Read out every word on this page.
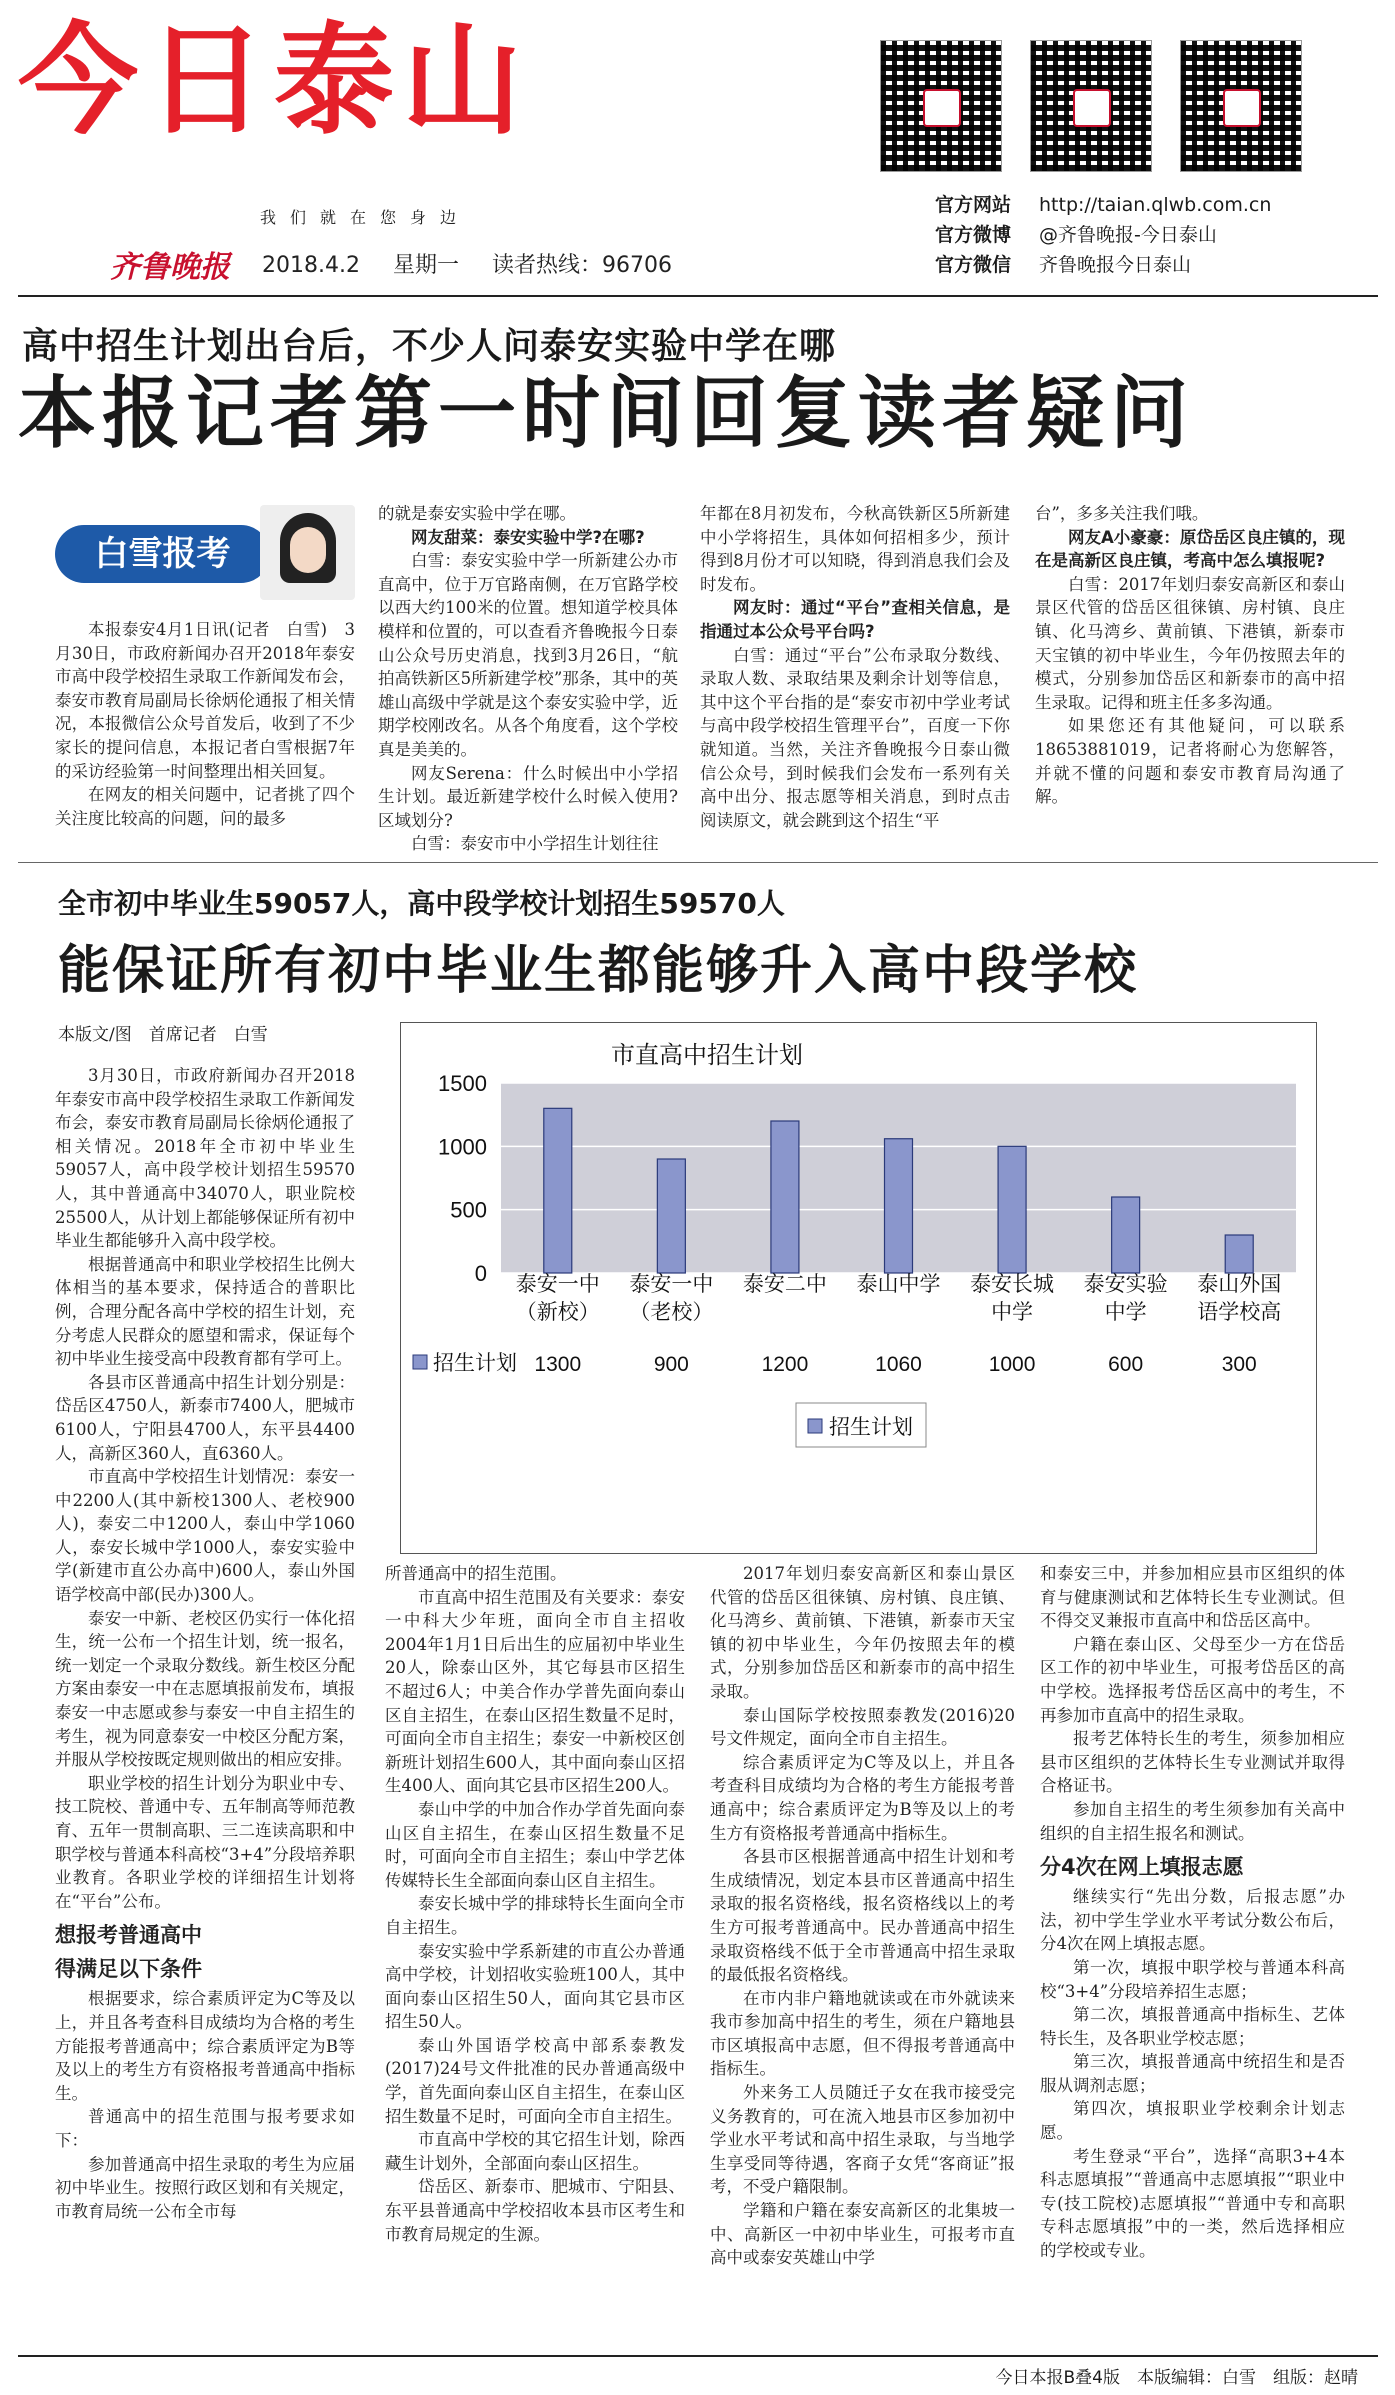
今日泰山
我们就在您身边
齐鲁晚报 2018.4.2 星期一 读者热线：96706
官方网站 http://taian.qlwb.com.cn
官方微博 @齐鲁晚报-今日泰山
官方微信 齐鲁晚报今日泰山
高中招生计划出台后，不少人问泰安实验中学在哪
本报记者第一时间回复读者疑问
白雪报考

本报泰安4月1日讯(记者　白雪)　3月30日，市政府新闻办召开2018年泰安市高中段学校招生录取工作新闻发布会，泰安市教育局副局长徐炳伦通报了相关情况，本报微信公众号首发后，收到了不少家长的提问信息，本报记者白雪根据7年的采访经验第一时间整理出相关回复。

在网友的相关问题中，记者挑了四个关注度比较高的问题，问的最多

的就是泰安实验中学在哪。

网友甜菜：泰安实验中学?在哪?

白雪：泰安实验中学一所新建公办市直高中，位于万官路南侧，在万官路学校以西大约100米的位置。想知道学校具体模样和位置的，可以查看齐鲁晚报今日泰山公众号历史消息，找到3月26日，“航拍高铁新区5所新建学校”那条，其中的英雄山高级中学就是这个泰安实验中学，近期学校刚改名。从各个角度看，这个学校真是美美的。

网友Serena：什么时候出中小学招生计划。最近新建学校什么时候入使用?区域划分?

白雪：泰安市中小学招生计划往往

年都在8月初发布，今秋高铁新区5所新建中小学将招生，具体如何招相多少，预计得到8月份才可以知晓，得到消息我们会及时发布。

网友时：通过“平台”查相关信息，是指通过本公众号平台吗?

白雪：通过“平台”公布录取分数线、录取人数、录取结果及剩余计划等信息，其中这个平台指的是“泰安市初中学业考试与高中段学校招生管理平台”，百度一下你就知道。当然，关注齐鲁晚报今日泰山微信公众号，到时候我们会发布一系列有关高中出分、报志愿等相关消息，到时点击阅读原文，就会跳到这个招生“平

台”，多多关注我们哦。

网友A小豪豪：原岱岳区良庄镇的，现在是高新区良庄镇，考高中怎么填报呢?

白雪：2017年划归泰安高新区和泰山景区代管的岱岳区徂徕镇、房村镇、良庄镇、化马湾乡、黄前镇、下港镇，新泰市天宝镇的初中毕业生，今年仍按照去年的模式，分别参加岱岳区和新泰市的高中招生录取。记得和班主任多多沟通。

如果您还有其他疑问，可以联系18653881019，记者将耐心为您解答，并就不懂的问题和泰安市教育局沟通了解。

全市初中毕业生59057人，高中段学校计划招生59570人
能保证所有初中毕业生都能够升入高中段学校
本版文/图　首席记者　白雪

3月30日，市政府新闻办召开2018年泰安市高中段学校招生录取工作新闻发布会，泰安市教育局副局长徐炳伦通报了相关情况。2018年全市初中毕业生59057人，高中段学校计划招生59570人，其中普通高中34070人，职业院校25500人，从计划上都能够保证所有初中毕业生都能够升入高中段学校。

根据普通高中和职业学校招生比例大体相当的基本要求，保持适合的普职比例，合理分配各高中学校的招生计划，充分考虑人民群众的愿望和需求，保证每个初中毕业生接受高中段教育都有学可上。

各县市区普通高中招生计划分别是：岱岳区4750人，新泰市7400人，肥城市6100人，宁阳县4700人，东平县4400人，高新区360人，直6360人。

市直高中学校招生计划情况：泰安一中2200人(其中新校1300人、老校900人)，泰安二中1200人，泰山中学1060人，泰安长城中学1000人，泰安实验中学(新建市直公办高中)600人，泰山外国语学校高中部(民办)300人。

泰安一中新、老校区仍实行一体化招生，统一公布一个招生计划，统一报名，统一划定一个录取分数线。新生校区分配方案由泰安一中在志愿填报前发布，填报泰安一中志愿或参与泰安一中自主招生的考生，视为同意泰安一中校区分配方案，并服从学校按既定规则做出的相应安排。

职业学校的招生计划分为职业中专、技工院校、普通中专、五年制高等师范教育、五年一贯制高职、三二连读高职和中职学校与普通本科高校“3+4”分段培养职业教育。各职业学校的详细招生计划将在“平台”公布。

想报考普通高中

得满足以下条件

根据要求，综合素质评定为C等及以上，并且各考查科目成绩均为合格的考生方能报考普通高中；综合素质评定为B等及以上的考生方有资格报考普通高中指标生。

普通高中的招生范围与报考要求如下：

参加普通高中招生录取的考生为应届初中毕业生。按照行政区划和有关规定，市教育局统一公布全市每

市直高中招生计划
0
500
1000
1500
泰安一中
（新校）
1300
泰安一中
（老校）
900
泰安二中
1200
泰山中学
1060
泰安长城
中学
1000
泰安实验
中学
600
泰山外国
语学校高
300
招生计划
招生计划

所普通高中的招生范围。

市直高中招生范围及有关要求：泰安一中科大少年班，面向全市自主招收2004年1月1日后出生的应届初中毕业生20人，除泰山区外，其它每县市区招生不超过6人；中美合作办学普先面向泰山区自主招生，在泰山区招生数量不足时，可面向全市自主招生；泰安一中新校区创新班计划招生600人，其中面向泰山区招生400人、面向其它县市区招生200人。

泰山中学的中加合作办学首先面向泰山区自主招生，在泰山区招生数量不足时，可面向全市自主招生；泰山中学艺体传媒特长生全部面向泰山区自主招生。

泰安长城中学的排球特长生面向全市自主招生。

泰安实验中学系新建的市直公办普通高中学校，计划招收实验班100人，其中面向泰山区招生50人，面向其它县市区招生50人。

泰山外国语学校高中部系泰教发(2017)24号文件批准的民办普通高级中学，首先面向泰山区自主招生，在泰山区招生数量不足时，可面向全市自主招生。

市直高中学校的其它招生计划，除西藏生计划外，全部面向泰山区招生。

岱岳区、新泰市、肥城市、宁阳县、东平县普通高中学校招收本县市区考生和市教育局规定的生源。

2017年划归泰安高新区和泰山景区代管的岱岳区徂徕镇、房村镇、良庄镇、化马湾乡、黄前镇、下港镇，新泰市天宝镇的初中毕业生，今年仍按照去年的模式，分别参加岱岳区和新泰市的高中招生录取。

泰山国际学校按照泰教发(2016)20号文件规定，面向全市自主招生。

综合素质评定为C等及以上，并且各考查科目成绩均为合格的考生方能报考普通高中；综合素质评定为B等及以上的考生方有资格报考普通高中指标生。

各县市区根据普通高中招生计划和考生成绩情况，划定本县市区普通高中招生录取的报名资格线，报名资格线以上的考生方可报考普通高中。民办普通高中招生录取资格线不低于全市普通高中招生录取的最低报名资格线。

在市内非户籍地就读或在市外就读来我市参加高中招生的考生，须在户籍地县市区填报高中志愿，但不得报考普通高中指标生。

外来务工人员随迁子女在我市接受完义务教育的，可在流入地县市区参加初中学业水平考试和高中招生录取，与当地学生享受同等待遇，客商子女凭“客商证”报考，不受户籍限制。

学籍和户籍在泰安高新区的北集坡一中、高新区一中初中毕业生，可报考市直高中或泰安英雄山中学

和泰安三中，并参加相应县市区组织的体育与健康测试和艺体特长生专业测试。但不得交叉兼报市直高中和岱岳区高中。

户籍在泰山区、父母至少一方在岱岳区工作的初中毕业生，可报考岱岳区的高中学校。选择报考岱岳区高中的考生，不再参加市直高中的招生录取。

报考艺体特长生的考生，须参加相应县市区组织的艺体特长生专业测试并取得合格证书。

参加自主招生的考生须参加有关高中组织的自主招生报名和测试。

分4次在网上填报志愿

继续实行“先出分数，后报志愿”办法，初中学生学业水平考试分数公布后，分4次在网上填报志愿。

第一次，填报中职学校与普通本科高校“3+4”分段培养招生志愿；

第二次，填报普通高中指标生、艺体特长生，及各职业学校志愿；

第三次，填报普通高中统招生和是否服从调剂志愿；

第四次，填报职业学校剩余计划志愿。

考生登录“平台”，选择“高职3+4本科志愿填报”“普通高中志愿填报”“职业中专(技工院校)志愿填报”“普通中专和高职专科志愿填报”中的一类，然后选择相应的学校或专业。

今日本报B叠4版　本版编辑：白雪　组版：赵晴
